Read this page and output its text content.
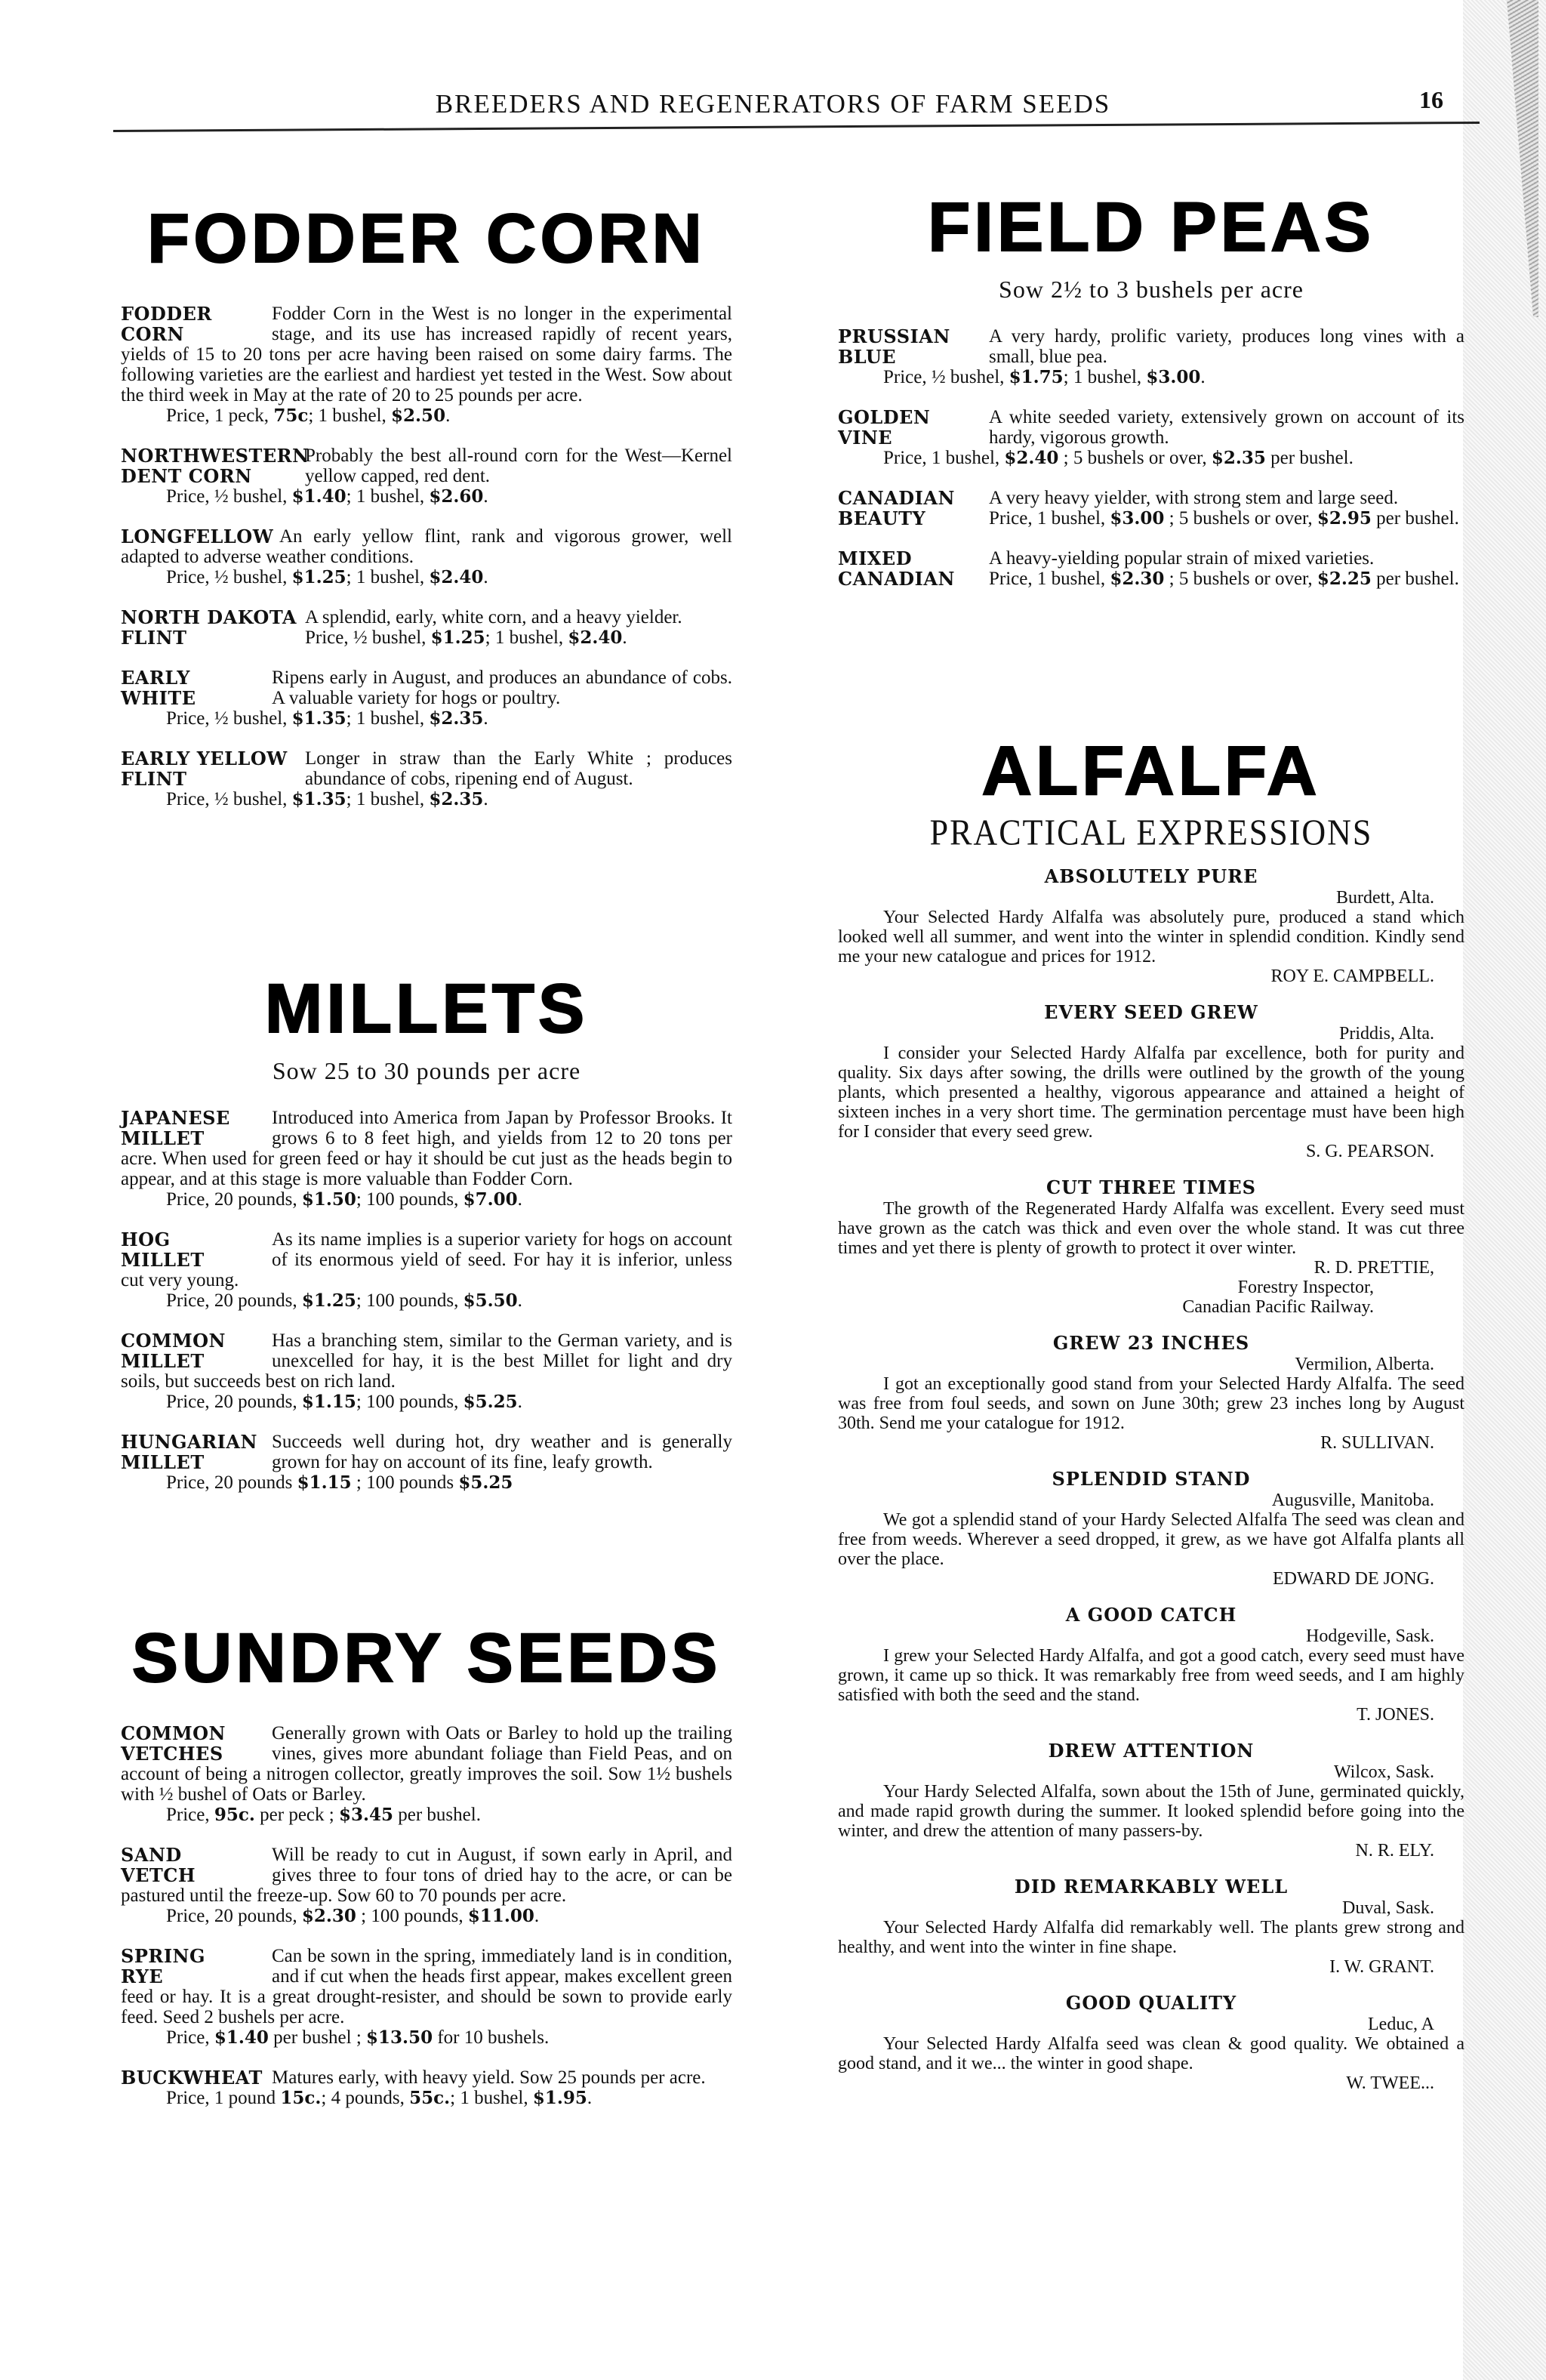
BREEDERS AND REGENERATORS OF FARM SEEDS	16
FODDER CORN
FODDER
CORN
Fodder Corn in the West is no longer in the experimental stage, and its use has increased rapidly of recent years, yields of 15 to 20 tons per acre having been raised on some dairy farms. The following varieties are the earliest and hardiest yet tested in the West. Sow about the third week in May at the rate of 20 to 25 pounds per acre.
Price, 1 peck, 75c; 1 bushel, $2.50.
NORTHWESTERN
DENT CORN
Probably the best all-round corn for the West—Kernel yellow capped, red dent.
Price, ½ bushel, $1.40; 1 bushel, $2.60.
LONGFELLOW An early yellow flint, rank and vigorous grower, well adapted to adverse weather conditions.
Price, ½ bushel, $1.25; 1 bushel, $2.40.
NORTH DAKOTA
FLINT
A splendid, early, white corn, and a heavy yielder.
Price, ½ bushel, $1.25; 1 bushel, $2.40.
EARLY
WHITE
Ripens early in August, and produces an abundance of cobs. A valuable variety for hogs or poultry.
Price, ½ bushel, $1.35; 1 bushel, $2.35.
EARLY YELLOW
FLINT
Longer in straw than the Early White ; produces abundance of cobs, ripening end of August.
Price, ½ bushel, $1.35; 1 bushel, $2.35.
MILLETS
Sow 25 to 30 pounds per acre
JAPANESE
MILLET
Introduced into America from Japan by Professor Brooks. It grows 6 to 8 feet high, and yields from 12 to 20 tons per acre. When used for green feed or hay it should be cut just as the heads begin to appear, and at this stage is more valuable than Fodder Corn.
Price, 20 pounds, $1.50; 100 pounds, $7.00.
HOG
MILLET
As its name implies is a superior variety for hogs on account of its enormous yield of seed. For hay it is inferior, unless cut very young.
Price, 20 pounds, $1.25; 100 pounds, $5.50.
COMMON
MILLET
Has a branching stem, similar to the German variety, and is unexcelled for hay, it is the best Millet for light and dry soils, but succeeds best on rich land.
Price, 20 pounds, $1.15; 100 pounds, $5.25.
HUNGARIAN
MILLET
Succeeds well during hot, dry weather and is generally grown for hay on account of its fine, leafy growth.
Price, 20 pounds $1.15 ; 100 pounds $5.25
SUNDRY SEEDS
COMMON
VETCHES
Generally grown with Oats or Barley to hold up the trailing vines, gives more abundant foliage than Field Peas, and on account of being a nitrogen collector, greatly improves the soil. Sow 1½ bushels with ½ bushel of Oats or Barley.
Price, 95c. per peck ; $3.45 per bushel.
SAND
VETCH
Will be ready to cut in August, if sown early in April, and gives three to four tons of dried hay to the acre, or can be pastured until the freeze-up. Sow 60 to 70 pounds per acre.
Price, 20 pounds, $2.30 ; 100 pounds, $11.00.
SPRING
RYE
Can be sown in the spring, immediately land is in condition, and if cut when the heads first appear, makes excellent green feed or hay. It is a great drought-resister, and should be sown to provide early feed. Seed 2 bushels per acre.
Price, $1.40 per bushel ; $13.50 for 10 bushels.
BUCKWHEAT Matures early, with heavy yield. Sow 25 pounds per acre.
Price, 1 pound 15c.; 4 pounds, 55c.; 1 bushel, $1.95.
FIELD PEAS
Sow 2½ to 3 bushels per acre
PRUSSIAN
BLUE
A very hardy, prolific variety, produces long vines with a small, blue pea.
Price, ½ bushel, $1.75; 1 bushel, $3.00.
GOLDEN
VINE
A white seeded variety, extensively grown on account of its hardy, vigorous growth.
Price, 1 bushel, $2.40 ; 5 bushels or over, $2.35 per bushel.
CANADIAN
BEAUTY
A very heavy yielder, with strong stem and large seed.
Price, 1 bushel, $3.00 ; 5 bushels or over, $2.95 per bushel.
MIXED
CANADIAN
A heavy-yielding popular strain of mixed varieties.
Price, 1 bushel, $2.30 ; 5 bushels or over, $2.25 per bushel.
ALFALFA
PRACTICAL EXPRESSIONS
ABSOLUTELY PURE
Burdett, Alta.
Your Selected Hardy Alfalfa was absolutely pure, produced a stand which looked well all summer, and went into the winter in splendid condition. Kindly send me your new catalogue and prices for 1912.
ROY E. CAMPBELL.
EVERY SEED GREW
Priddis, Alta.
I consider your Selected Hardy Alfalfa par excellence, both for purity and quality. Six days after sowing, the drills were outlined by the growth of the young plants, which presented a healthy, vigorous appearance and attained a height of sixteen inches in a very short time. The germination percentage must have been high for I consider that every seed grew.
S. G. PEARSON.
CUT THREE TIMES
The growth of the Regenerated Hardy Alfalfa was excellent. Every seed must have grown as the catch was thick and even over the whole stand. It was cut three times and yet there is plenty of growth to protect it over winter.
R. D. PRETTIE,
Forestry Inspector,
Canadian Pacific Railway.
GREW 23 INCHES
Vermilion, Alberta.
I got an exceptionally good stand from your Selected Hardy Alfalfa. The seed was free from foul seeds, and sown on June 30th; grew 23 inches long by August 30th. Send me your catalogue for 1912.
R. SULLIVAN.
SPLENDID STAND
Augusville, Manitoba.
We got a splendid stand of your Hardy Selected Alfalfa The seed was clean and free from weeds. Wherever a seed dropped, it grew, as we have got Alfalfa plants all over the place.
EDWARD DE JONG.
A GOOD CATCH
Hodgeville, Sask.
I grew your Selected Hardy Alfalfa, and got a good catch, every seed must have grown, it came up so thick. It was remarkably free from weed seeds, and I am highly satisfied with both the seed and the stand.
T. JONES.
DREW ATTENTION
Wilcox, Sask.
Your Hardy Selected Alfalfa, sown about the 15th of June, germinated quickly, and made rapid growth during the summer. It looked splendid before going into the winter, and drew the attention of many passers-by.
N. R. ELY.
DID REMARKABLY WELL
Duval, Sask.
Your Selected Hardy Alfalfa did remarkably well. The plants grew strong and healthy, and went into the winter in fine shape.
I. W. GRANT.
GOOD QUALITY
Leduc, A
Your Selected Hardy Alfalfa seed was clean & good quality. We obtained a good stand, and it we... the winter in good shape.
W. TWEE...
